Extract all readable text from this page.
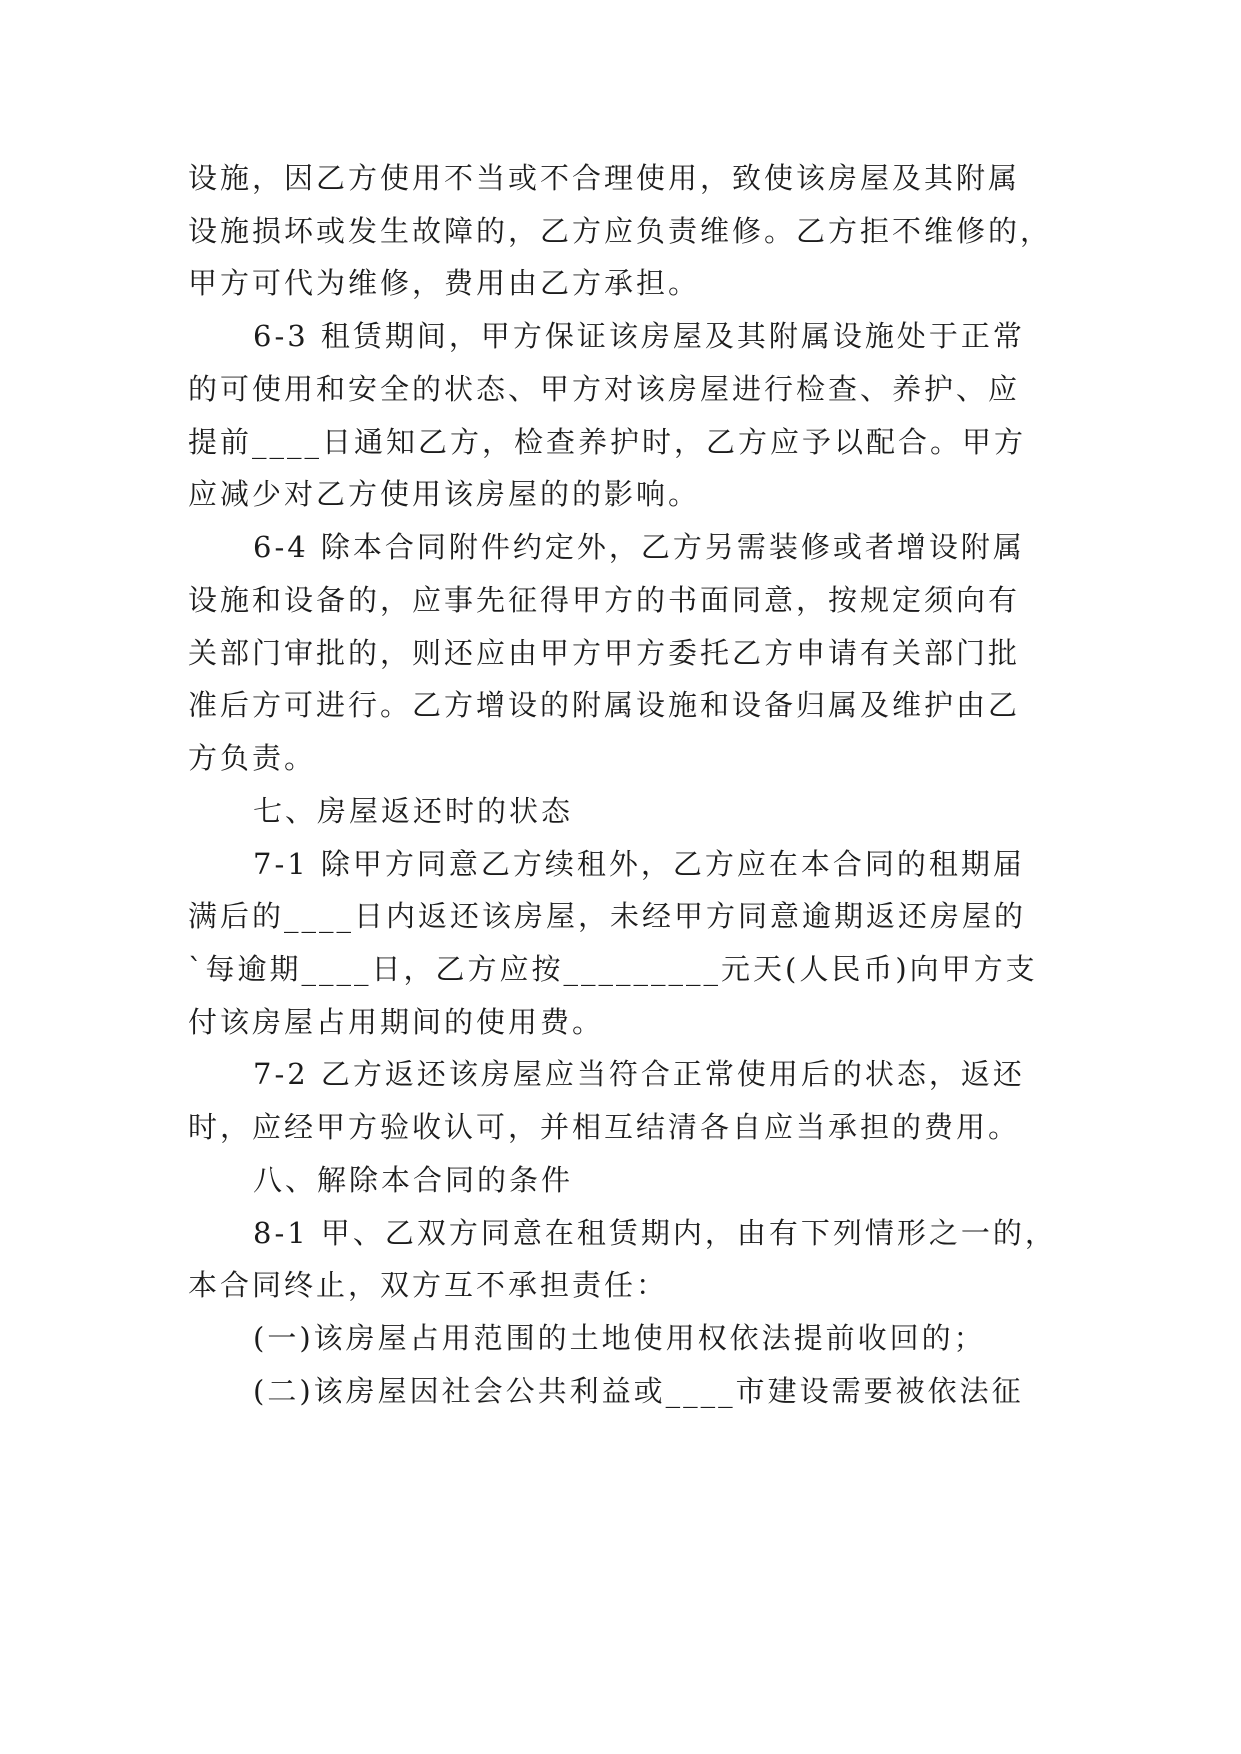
设施，因乙方使用不当或不合理使用，致使该房屋及其附属
设施损坏或发生故障的，乙方应负责维修。乙方拒不维修的，
甲方可代为维修，费用由乙方承担。
6-3 租赁期间，甲方保证该房屋及其附属设施处于正常
的可使用和安全的状态、甲方对该房屋进行检查、养护、应
提前____日通知乙方，检查养护时，乙方应予以配合。甲方
应减少对乙方使用该房屋的的影响。
6-4 除本合同附件约定外，乙方另需装修或者增设附属
设施和设备的，应事先征得甲方的书面同意，按规定须向有
关部门审批的，则还应由甲方甲方委托乙方申请有关部门批
准后方可进行。乙方增设的附属设施和设备归属及维护由乙
方负责。
七、房屋返还时的状态
7-1 除甲方同意乙方续租外，乙方应在本合同的租期届
满后的____日内返还该房屋，未经甲方同意逾期返还房屋的
`每逾期____日，乙方应按_________元天(人民币)向甲方支
付该房屋占用期间的使用费。
7-2 乙方返还该房屋应当符合正常使用后的状态，返还
时，应经甲方验收认可，并相互结清各自应当承担的费用。
八、解除本合同的条件
8-1 甲、乙双方同意在租赁期内，由有下列情形之一的，
本合同终止，双方互不承担责任：
(一)该房屋占用范围的土地使用权依法提前收回的；
(二)该房屋因社会公共利益或____市建设需要被依法征
